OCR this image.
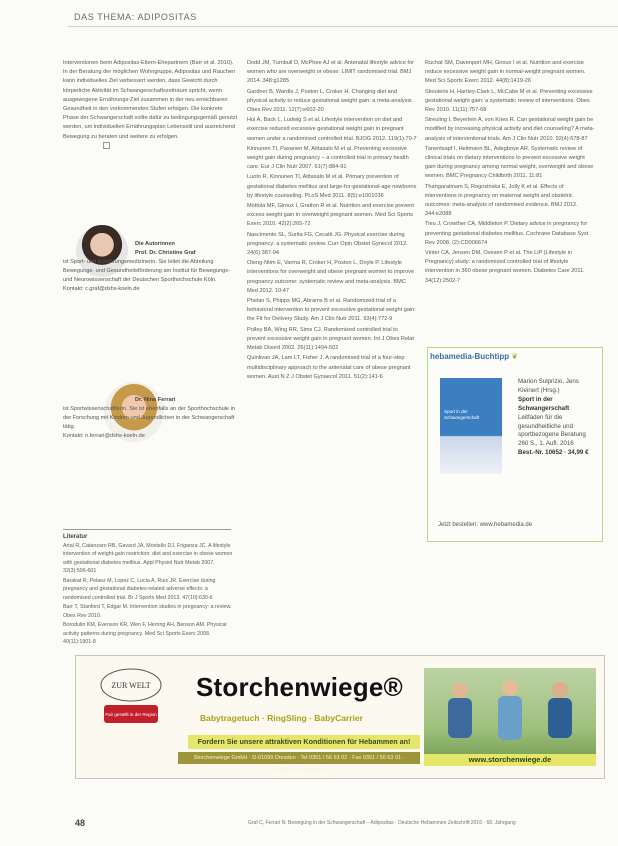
DAS THEMA: ADIPOSITAS

Interventionen beim Adipositas-Eltern-Ehepartnern (Barr et al. 2010). In der Beratung der möglichen Wohngruppe, Adipositas und Rauchen kann individuelles Ziel verbessert werden, dass Gewicht durch körperliche Aktivität im Schwangerschaftszeitraum spricht, wenn ausgewogene Ernährungs-Ziel zusammen in der neu erreichbaren Gesundheit in den vorkommenden Stufen erfolgen. Die konkrete Phase der Schwangerschaft sollte dafür zu bedingungsgemäß genutzt werden, um individuellen Ernährungsplan Lebensstil und ausreichend Bewegung zu beraten und weitere zu erfolgen.

Die Autorinnen
Prof. Dr. Christine Graf
ist Sport- und Ernährungsmedizinerin. Sie leitet die Abteilung Bewegungs- und Gesundheitsförderung am Institut für Bewegungs- und Neurowissenschaft der Deutschen Sporthochschule Köln.
Kontakt: c.graf@dshs-koeln.de
Dr. Nina Ferrari
ist Sportwissenschaftlerin. Sie ist ebenfalls an der Sporthochschule in der Forschung mit Kindern und Jugendlichen in der Schwangerschaft tätig.
Kontakt: n.ferrari@dshs-koeln.de
Literatur

Artal R, Catanzaro RB, Gavard JA, Mostello DJ, Friganza JC. A lifestyle intervention of weight-gain restriction: diet and exercise in obese women with gestational diabetes mellitus. Appl Physiol Nutr Metab 2007. 32(3):596-601

Barakat R, Pelaez M, Lopez C, Lucia A, Ruiz JR. Exercise during pregnancy and gestational diabetes-related adverse effects: a randomised controlled trial. Br J Sports Med 2013. 47(10):630-6

Barr T, Stanford T, Edgar M. Intervention studies in pregnancy: a review. Obes Rev 2010.

Borodulin KM, Evenson KR, Wen F, Herring AH, Benson AM. Physical activity patterns during pregnancy. Med Sci Sports Exerc 2008. 40(11):1901-8

Dodd JM, Turnbull D, McPhee AJ et al. Antenatal lifestyle advice for women who are overweight or obese: LIMIT randomised trial. BMJ 2014. 348:g1285

Gardner B, Wardle J, Poston L, Croker H. Changing diet and physical activity to reduce gestational weight gain: a meta-analysis. Obes Rev 2011. 12(7):e602-20

Hui A, Back L, Ludwig S et al. Lifestyle intervention on diet and exercise reduced excessive gestational weight gain in pregnant women under a randomised controlled trial. BJOG 2012. 119(1):70-7

Kinnunen TI, Pasanen M, Aittasalo M et al. Preventing excessive weight gain during pregnancy – a controlled trial in primary health care. Eur J Clin Nutr 2007. 61(7):884-91

Luoto R, Kinnunen TI, Aittasalo M et al. Primary prevention of gestational diabetes mellitus and large-for-gestational-age newborns by lifestyle counseling. PLoS Med 2011. 8(5):e1001036

Mottola MF, Giroux I, Gratton R et al. Nutrition and exercise prevent excess weight gain in overweight pregnant women. Med Sci Sports Exerc 2010. 42(2):265-72

Nascimento SL, Surita FG, Cecatti JG. Physical exercise during pregnancy: a systematic review. Curr Opin Obstet Gynecol 2012. 24(6):387-94

Oteng-Ntim E, Varma R, Croker H, Poston L, Doyle P. Lifestyle interventions for overweight and obese pregnant women to improve pregnancy outcome: systematic review and meta-analysis. BMC Med 2012. 10:47

Phelan S, Phipps MG, Abrams B et al. Randomized trial of a behavioral intervention to prevent excessive gestational weight gain: the Fit for Delivery Study. Am J Clin Nutr 2011. 93(4):772-9

Polley BA, Wing RR, Sims CJ. Randomized controlled trial to prevent excessive weight gain in pregnant women. Int J Obes Relat Metab Disord 2002. 26(11):1494-502

Quinlivan JA, Lam LT, Fisher J. A randomised trial of a four-step multidisciplinary approach to the antenatal care of obese pregnant women. Aust N Z J Obstet Gynaecol 2011. 51(2):141-6

Ruchat SM, Davenport MH, Giroux I et al. Nutrition and exercise reduce excessive weight gain in normal-weight pregnant women. Med Sci Sports Exerc 2012. 44(8):1419-26

Skouteris H, Hartley-Clark L, McCabe M et al. Preventing excessive gestational weight gain: a systematic review of interventions. Obes Rev 2010. 11(11):757-68

Streuling I, Beyerlein A, von Kries R. Can gestational weight gain be modified by increasing physical activity and diet counseling? A meta-analysis of interventional trials. Am J Clin Nutr 2010. 92(4):678-87

Tanentsapf I, Heitmann BL, Adegboye AR. Systematic review of clinical trials on dietary interventions to prevent excessive weight gain during pregnancy among normal weight, overweight and obese women. BMC Pregnancy Childbirth 2011. 11:81

Thangaratinam S, Rogozinska E, Jolly K et al. Effects of interventions in pregnancy on maternal weight and obstetric outcomes: meta-analysis of randomised evidence. BMJ 2012. 344:e2088

Tieu J, Crowther CA, Middleton P. Dietary advice in pregnancy for preventing gestational diabetes mellitus. Cochrane Database Syst Rev 2008. (2):CD006674

Vinter CA, Jensen DM, Ovesen P et al. The LiP (Lifestyle in Pregnancy) study: a randomized controlled trial of lifestyle intervention in 360 obese pregnant women. Diabetes Care 2011. 34(12):2502-7

hebamedia-Buchtipp ❦
Sport in der Schwangerschaft
Marion Sulprizio, Jens Kleinert (Hrsg.)
Sport in der Schwangerschaft
Leitfaden für die gesundheitliche und sportbezogene Beratung
260 S., 1. Aufl. 2016
Best.-Nr. 10652 · 34,99 €
Jetzt bestellen: www.hebamedia.de
ZUR WELT
Fair gestellt in der Region
Storchenwiege®
Babytragetuch · RingSling · BabyCarrier
Fordern Sie unsere attraktiven Konditionen für Hebammen an!
Storchenwiege GmbH · D-01099 Dresden · Tel 0351 / 56 63 02 · Fax 0351 / 56 63 01 · info@storchenwiege.de
www.storchenwiege.de
48	Graf C, Ferrari N: Bewegung in der Schwangerschaft – Adipositas · Deutsche Hebammen Zeitschrift 2016 · 68. Jahrgang
